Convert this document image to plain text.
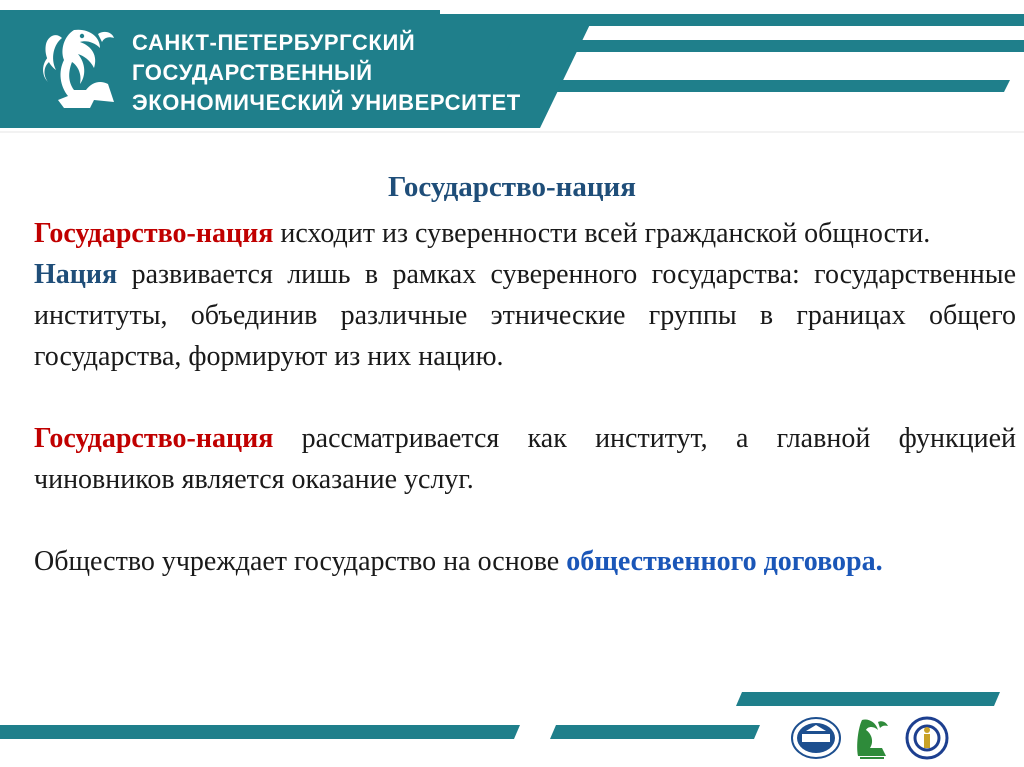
САНКТ-ПЕТЕРБУРГСКИЙ
ГОСУДАРСТВЕННЫЙ
ЭКОНОМИЧЕСКИЙ УНИВЕРСИТЕТ
Государство-нация

Государство-нация исходит из суверенности всей гражданской общности.

Нация развивается лишь в рамках суверенного государства: государственные институты, объединив различные этнические группы в границах общего государства, формируют из них нацию.

Государство-нация рассматривается как институт, а главной функцией чиновников является оказание услуг.

Общество учреждает государство на основе общественного договора.
